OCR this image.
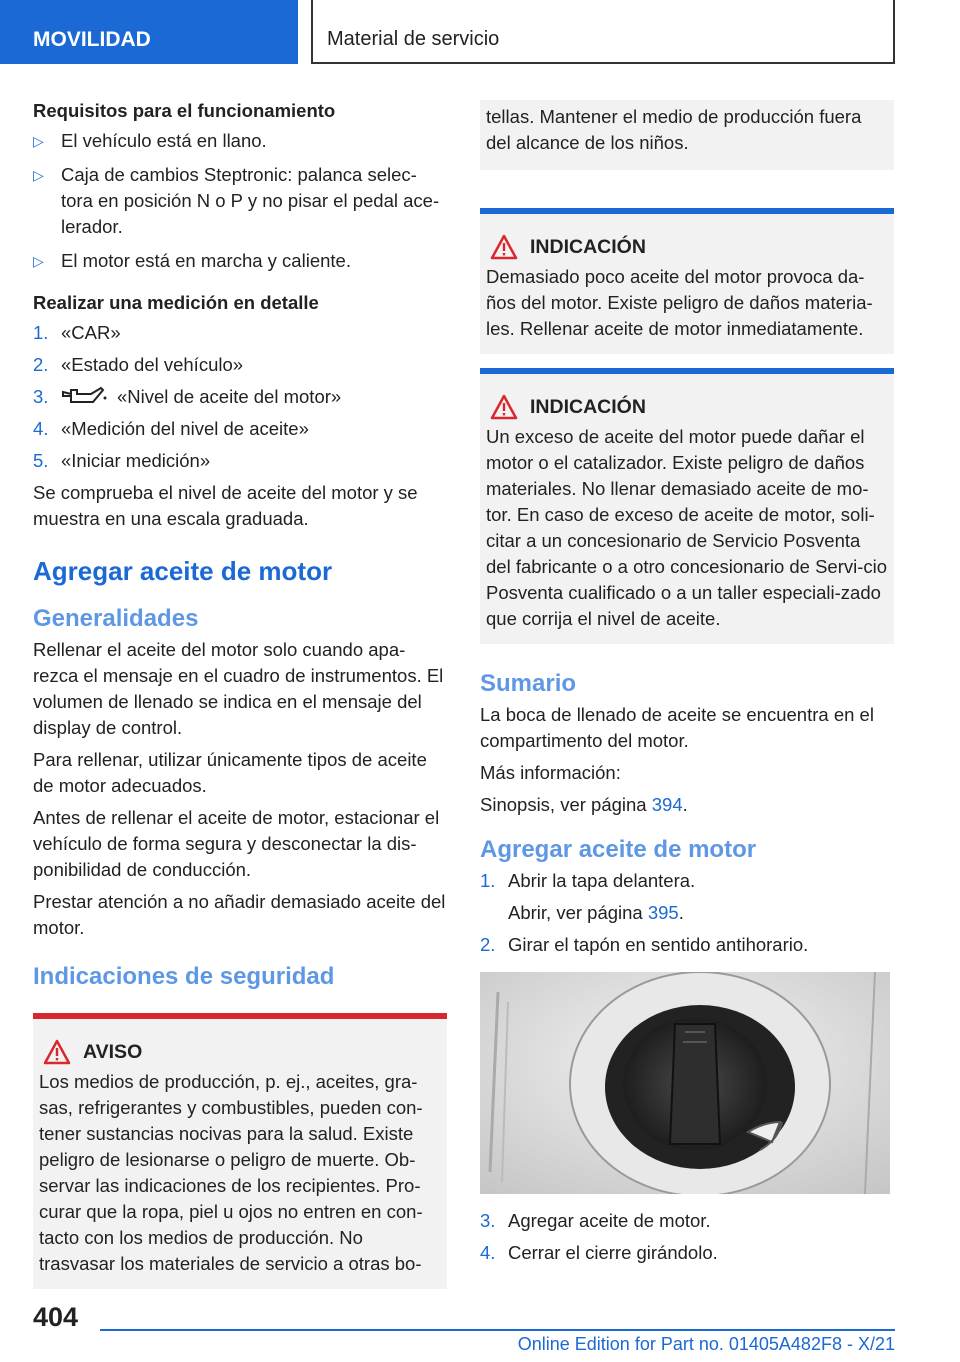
MOVILIDAD	Material de servicio
Requisitos para el funcionamiento
▷ El vehículo está en llano.
▷ Caja de cambios Steptronic: palanca selec‐tora en posición N o P y no pisar el pedal ace‐lerador.
▷ El motor está en marcha y caliente.
Realizar una medición en detalle
1. «CAR»
2. «Estado del vehículo»
3.	«Nivel de aceite del motor»
4. «Medición del nivel de aceite»
5. «Iniciar medición»

Se comprueba el nivel de aceite del motor y se muestra en una escala graduada.

Agregar aceite de motor
Generalidades

Rellenar el aceite del motor solo cuando apa‐rezca el mensaje en el cuadro de instrumentos. El volumen de llenado se indica en el mensaje del display de control.

Para rellenar, utilizar únicamente tipos de aceite de motor adecuados.

Antes de rellenar el aceite de motor, estacionar el vehículo de forma segura y desconectar la dis‐ponibilidad de conducción.

Prestar atención a no añadir demasiado aceite del motor.

Indicaciones de seguridad
AVISO

Los medios de producción, p. ej., aceites, gra‐sas, refrigerantes y combustibles, pueden con‐tener sustancias nocivas para la salud. Existe peligro de lesionarse o peligro de muerte. Ob‐servar las indicaciones de los recipientes. Pro‐curar que la ropa, piel u ojos no entren en con‐tacto con los medios de producción. No trasvasar los materiales de servicio a otras bo‐

tellas. Mantener el medio de producción fuera del alcance de los niños.

INDICACIÓN

Demasiado poco aceite del motor provoca da‐ños del motor. Existe peligro de daños materia‐les. Rellenar aceite de motor inmediatamente.

INDICACIÓN

Un exceso de aceite del motor puede dañar el motor o el catalizador. Existe peligro de daños materiales. No llenar demasiado aceite de mo‐tor. En caso de exceso de aceite de motor, soli‐citar a un concesionario de Servicio Posventa del fabricante o a otro concesionario de Servi‐cio Posventa cualificado o a un taller especiali‐zado que corrija el nivel de aceite.

Sumario

La boca de llenado de aceite se encuentra en el compartimento del motor.

Más información:

Sinopsis, ver página 394.

Agregar aceite de motor
1. Abrir la tapa delantera.
Abrir, ver página 395.
2. Girar el tapón en sentido antihorario.
3. Agregar aceite de motor.
4. Cerrar el cierre girándolo.
404
Online Edition for Part no. 01405A482F8 - X/21
